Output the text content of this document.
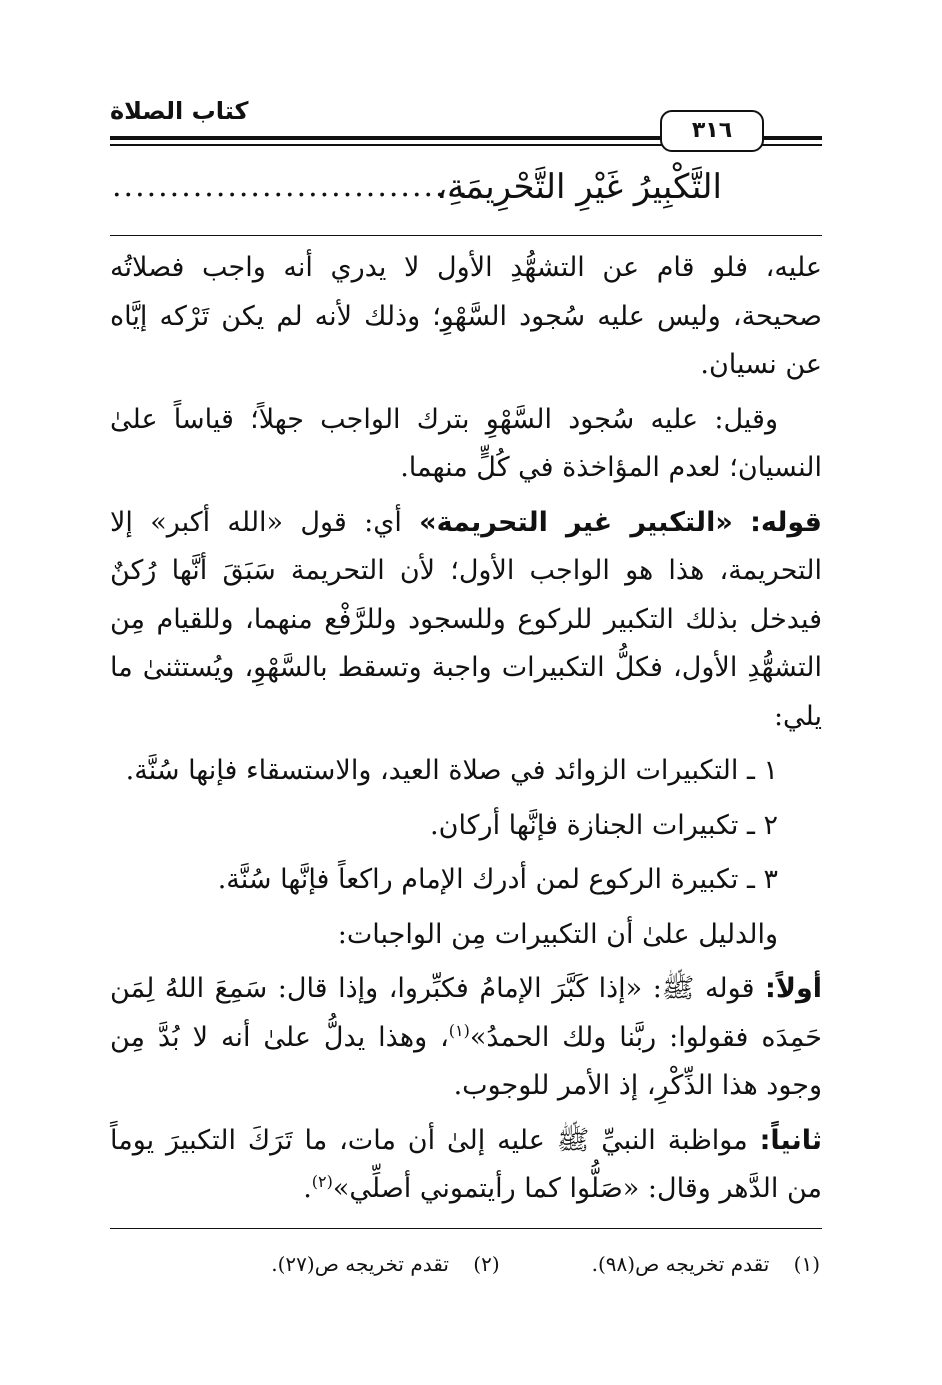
كتاب الصلاة
٣١٦
التَّكْبِيرُ غَيْرِ التَّحْرِيمَةِ،
...............................

عليه، فلو قام عن التشهُّدِ الأول لا يدري أنه واجب فصلاتُه صحيحة، وليس عليه سُجود السَّهْوِ؛ وذلك لأنه لم يكن تَرْكه إيَّاه عن نسيان.

وقيل: عليه سُجود السَّهْوِ بترك الواجب جهلاً؛ قياساً علىٰ النسيان؛ لعدم المؤاخذة في كُلٍّ منهما.

قوله: «التكبير غير التحريمة» أي: قول «الله أكبر» إلا التحريمة، هذا هو الواجب الأول؛ لأن التحريمة سَبَقَ أنَّها رُكنٌ فيدخل بذلك التكبير للركوع وللسجود وللرَّفْع منهما، وللقيام مِن التشهُّدِ الأول، فكلُّ التكبيرات واجبة وتسقط بالسَّهْوِ، ويُستثنىٰ ما يلي:

١ ـ التكبيرات الزوائد في صلاة العيد، والاستسقاء فإنها سُنَّة.

٢ ـ تكبيرات الجنازة فإنَّها أركان.

٣ ـ تكبيرة الركوع لمن أدرك الإمام راكعاً فإنَّها سُنَّة.

والدليل علىٰ أن التكبيرات مِن الواجبات:

أولاً: قوله ﷺ: «إذا كَبَّرَ الإمامُ فكبِّروا، وإذا قال: سَمِعَ اللهُ لِمَن حَمِدَه فقولوا: ربَّنا ولك الحمدُ»$^{(١)}$، وهذا يدلُّ علىٰ أنه لا بُدَّ مِن وجود هذا الذِّكْرِ، إذ الأمر للوجوب.

ثانياً: مواظبة النبيِّ ﷺ عليه إلىٰ أن مات، ما تَرَكَ التكبيرَ يوماً من الدَّهر وقال: «صَلُّوا كما رأيتموني أصلِّي»$^{(٢)}$.

(١) تقدم تخريجه ص(٩٨).
(٢) تقدم تخريجه ص(٢٧).
